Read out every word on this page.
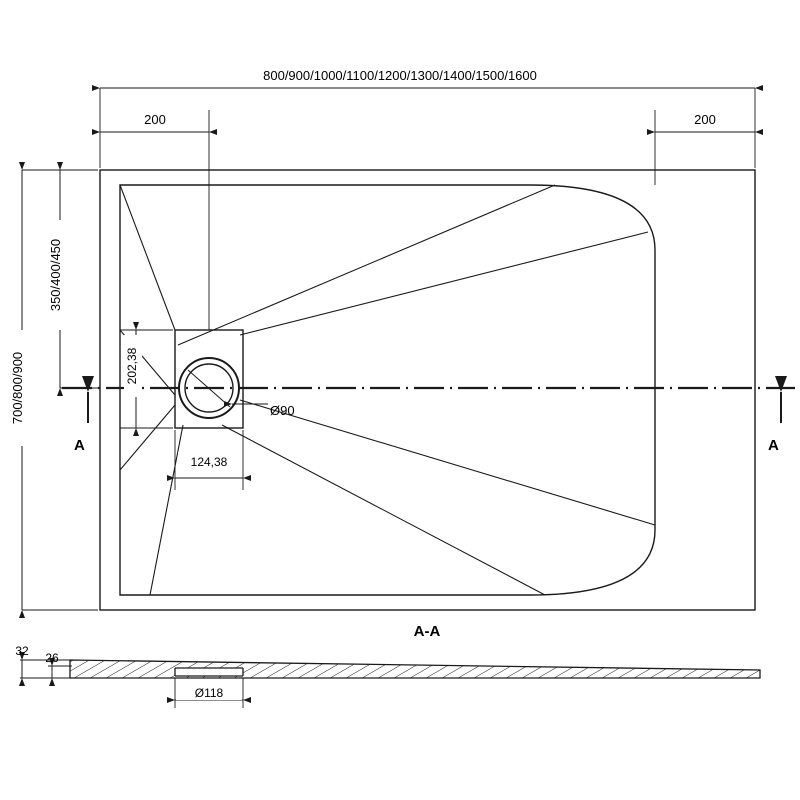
A	A
800/900/1000/1100/1200/1300/1400/1500/1600
200	200
700/800/900
350/400/450
202,38
124,38
Ø90
A-A
32 26
Ø118
